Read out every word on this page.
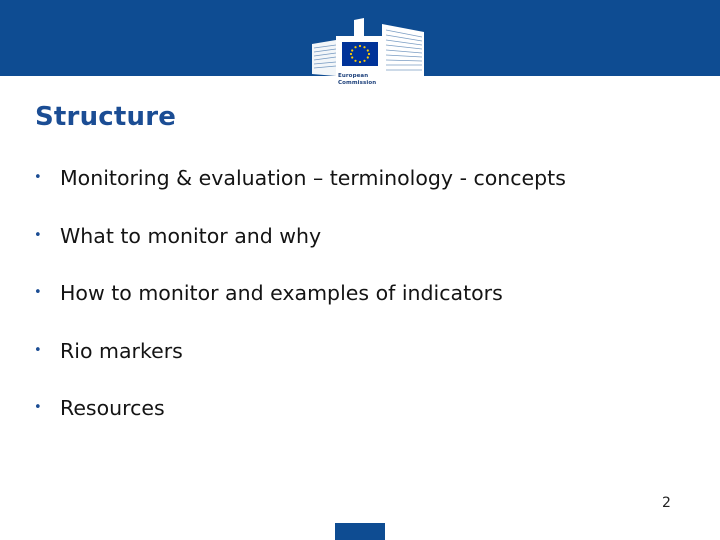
European
Commission
Structure
• Monitoring & evaluation – terminology - concepts
• What to monitor and why
• How to monitor and examples of indicators
• Rio markers
• Resources
2
